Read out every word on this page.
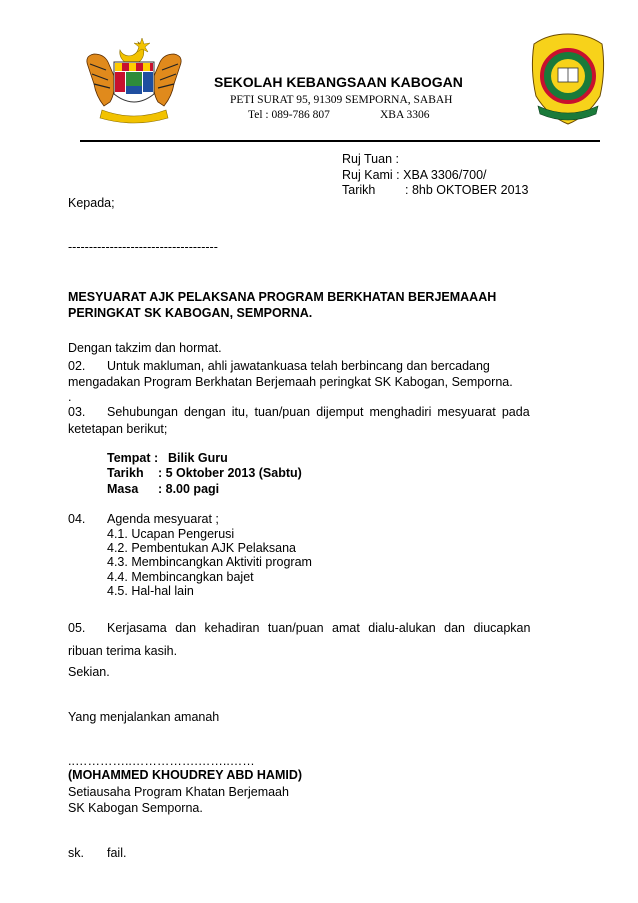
SEKOLAH KEBANGSAAN KABOGAN
PETI SURAT 95, 91309 SEMPORNA, SABAH
Tel : 089-786 807	XBA 3306
Ruj Tuan :
Ruj Kami : XBA 3306/700/
Tarikh : 8hb OKTOBER 2013
Kepada;
------------------------------------
MESYUARAT AJK PELAKSANA PROGRAM BERKHATAN BERJEMAAAH
PERINGKAT SK KABOGAN, SEMPORNA.
Dengan takzim dan hormat.
02. Untuk makluman, ahli jawatankuasa telah berbincang dan bercadang
mengadakan Program Berkhatan Berjemaah peringkat SK Kabogan, Semporna.
.
03. Sehubungan dengan itu, tuan/puan dijemput menghadiri mesyuarat pada
ketetapan berikut;
Tempat : Bilik Guru
Tarikh : 5 Oktober 2013 (Sabtu)
Masa : 8.00 pagi
04. Agenda mesyuarat ;
4.1. Ucapan Pengerusi
4.2. Pembentukan AJK Pelaksana
4.3. Membincangkan Aktiviti program
4.4. Membincangkan bajet
4.5. Hal-hal lain
05. Kerjasama dan kehadiran tuan/puan amat dialu-alukan dan diucapkan
ribuan terima kasih.
Sekian.
Yang menjalankan amanah
..…………..…………….……..……
(MOHAMMED KHOUDREY ABD HAMID)
Setiausaha Program Khatan Berjemaah
SK Kabogan Semporna.
sk. fail.
